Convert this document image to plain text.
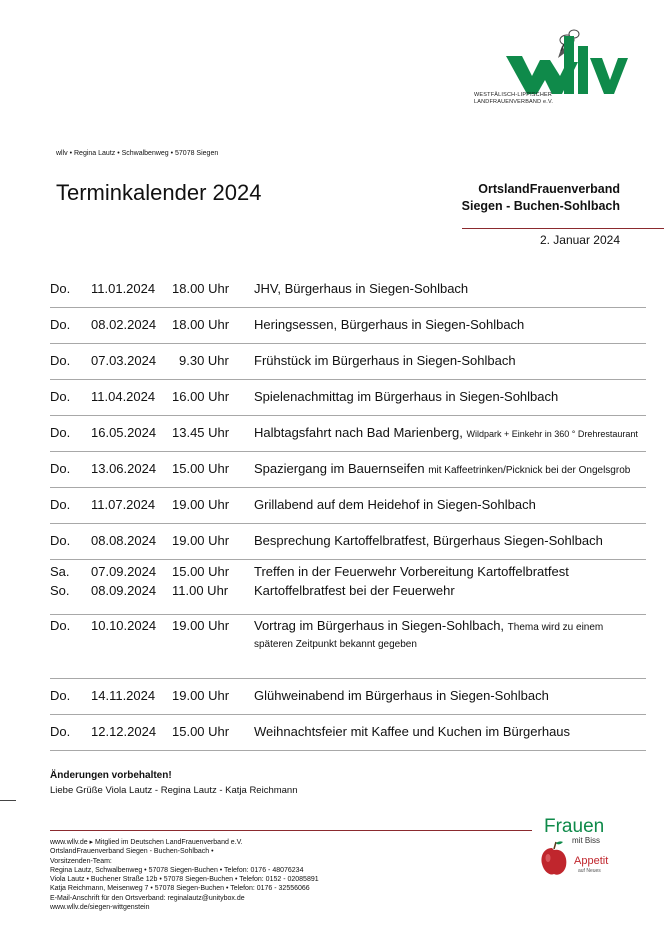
WESTFÄLISCH-LIPPISCHER
LANDFRAUENVERBAND e.V.
wllv • Regina Lautz • Schwalbenweg • 57078 Siegen
Terminkalender 2024	OrtslandFrauenverband
Siegen - Buchen-Sohlbach
2. Januar 2024
Do. 11.01.2024 18.00 Uhr JHV, Bürgerhaus in Siegen-Sohlbach
Do. 08.02.2024 18.00 Uhr Heringsessen, Bürgerhaus in Siegen-Sohlbach
Do. 07.03.2024 9.30 Uhr Frühstück im Bürgerhaus in Siegen-Sohlbach
Do. 11.04.2024 16.00 Uhr Spielenachmittag im Bürgerhaus in Siegen-Sohlbach
Do. 16.05.2024 13.45 Uhr Halbtagsfahrt nach Bad Marienberg, Wildpark + Einkehr in 360 ° Drehrestaurant
Do. 13.06.2024 15.00 Uhr Spaziergang im Bauernseifen mit Kaffeetrinken/Picknick bei der Ongelsgrob
Do. 11.07.2024 19.00 Uhr Grillabend auf dem Heidehof in Siegen-Sohlbach
Do. 08.08.2024 19.00 Uhr Besprechung Kartoffelbratfest, Bürgerhaus Siegen-Sohlbach
Sa. 07.09.2024 15.00 Uhr Treffen in der Feuerwehr Vorbereitung Kartoffelbratfest
So. 08.09.2024 11.00 Uhr Kartoffelbratfest bei der Feuerwehr
Do. 10.10.2024 19.00 Uhr Vortrag im Bürgerhaus in Siegen-Sohlbach, Thema wird zu einem
späteren Zeitpunkt bekannt gegeben
Do. 14.11.2024 19.00 Uhr Glühweinabend im Bürgerhaus in Siegen-Sohlbach
Do. 12.12.2024 15.00 Uhr Weihnachtsfeier mit Kaffee und Kuchen im Bürgerhaus
Änderungen vorbehalten!
Liebe Grüße Viola Lautz - Regina Lautz - Katja Reichmann
www.wllv.de ▸ Mitglied im Deutschen LandFrauenverband e.V.
OrtslandFrauenverband Siegen - Buchen-Sohlbach •
Vorsitzenden-Team:
Regina Lautz, Schwalbenweg • 57078 Siegen-Buchen • Telefon: 0176 - 48076234
Viola Lautz • Buchener Straße 12b • 57078 Siegen-Buchen • Telefon: 0152 - 02085891
Katja Reichmann, Meisenweg 7 • 57078 Siegen-Buchen • Telefon: 0176 - 32556066
E-Mail-Anschrift für den Ortsverband: reginalautz@unitybox.de
www.wllv.de/siegen-wittgenstein
Frauen
mit Biss
Appetit
auf Neues
